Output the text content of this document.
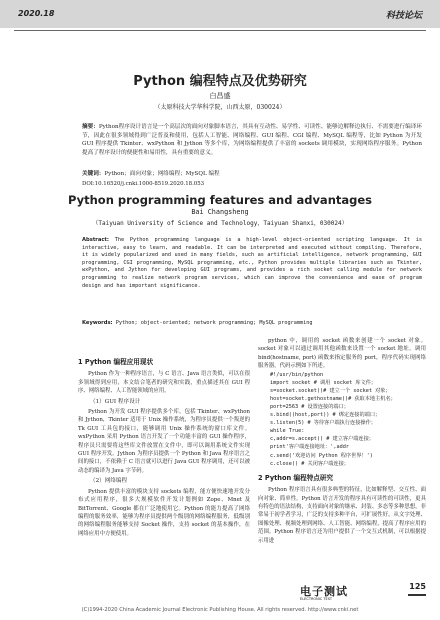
2020.18	科技论坛
Python 编程特点及优势研究
白昌盛
（太原科技大学华科学院，山西太原，030024）
摘要：Python程序设计语言是一个高层次的面向对象脚本语言，其具有互动性、易学性、可读性、能够边解释边执行、不需要进行编译环节，因此在很多领域得到广泛普及和使用，包括人工智能、网络编程、GUI 编程、CGI 编程、MySQL 编程等，比如 Python 为开发 GUI 程序提供 Tkinter、wxPython 和 Jython 等多个库，为网络编程提供了丰富的 sockets 调用模块，实现网络程序服务。Python 提高了程序设计的便捷性和易用性，具有重要的意义。
关键词：Python；面向对象；网络编程；MySQL 编程
DOI:10.16520/j.cnki.1000-8519.2020.18.053
Python programming features and advantages
Bai Changsheng
（Taiyuan University of Science and Technology，Taiyuan Shanxi，030024）
Abstract: The Python programming language is a high-level object-oriented scripting language. It is interactive, easy to learn, and readable. It can be interpreted and executed without compiling. Therefore, it is widely popularized and used in many fields, such as artificial intelligence, network programming, GUI programming, CGI programming, MySQL programming, etc., Python provides multiple libraries such as Tkinter, wxPython, and Jython for developing GUI programs, and provides a rich socket calling module for network programming to realize network program services, which can improve the convenience and ease of program design and has important significance.
Keywords: Python; object-oriented; network programming; MySQL programming
1 Python 编程应用现状

Python 作为一种程序语言，与 C 语言、Java 语言类似，可以在很多领域得到应用，本文结合笔者的研究和实践，重点描述其在 GUI 程序、网络编程、人工智能领域的应用。

（1）GUI 程序设计

Python 为开发 GUI 程序提供多个库，包括 Tkinter、wxPython 和 Jython，Tkinter 适用于 Unix 操作系统，为程序员提供一个叛逆的 Tk GUI 工具包的接口，能够调用 Unix 操作系统的窗口库文件。wxPython 采用 Python 语言开发了一个功能丰富的 GUI 操作程序，程序员只需要将这些库文件放置在文件中，即可以调用系统文件实现 GUI 程序开发。Jython 为程序员提供一个 Python 和 Java 程序语言之间的接口，不依赖于 C 语言就可以进行 Java GUI 程序调用，还可以被动态的编译为 Java 字节码。

（2）网络编程

Python 提供丰富的模块支持 sockets 编程，能方便快速地开发分布式应用程序，很多大规模软件开发计划例如 Zope、Mnet 及 BitTorrent、Google 都在广泛地使用它。Python 的能力提高了网络编程的服务效率，能够为程序员提供两个级别的网络编程服务，低级别的网络编程服务能够支持 Socket 操作，支持 socket 的基本操作，在网络应用中方便使用。

python 中，调用的 socket 函数来创建一个 socket 对象。socket 对象可以通过调用其他函数来设置一个 socket 地址，调用 bind(hostname, port) 函数来指定服务的 port，程序代码实现网络服务器，代码示例如下所述。

#!/usr/bin/python
import socket # 调用 socket 库文件；
s=socket.socket()# 建立一个 socket 对象；
host=socket.gethostname()# 获取本地主机名；
port=2563 # 设置连接的端口；
s.bind((host,port)) # 绑定连接的端口；
s.listen(5) # 等待客户端执行连接操作；
while True:
c,addr=s.accept() # 建立客户端连接；
print'客户端连接地址：',addr
c.send('欢迎访问 Python 程序世界！')
c.close() # 关闭客户端连接；
2 Python 编程特点研究

Python 程序语言具有很多典型的特征，比如解释型、交互性、面向对象、简单性。Python 语言开发的程序具有可读性的可读性，更具有特色的语法结构，支持面向对象的继承、封装、多态等多种思想，非常易于初学者学习，广泛的支持多种平台，可扩展性好，从文字处理、图像处理、视频处理到网络、人工智能、网络编程，提高了程序应用的范围。Python 程序语言还为用户提供了一个交互式机制，可以根据提示用进

电子测试
ELECTRONIC TEST
125
(C)1994-2020 China Academic Journal Electronic Publishing House. All rights reserved. http://www.cnki.net
